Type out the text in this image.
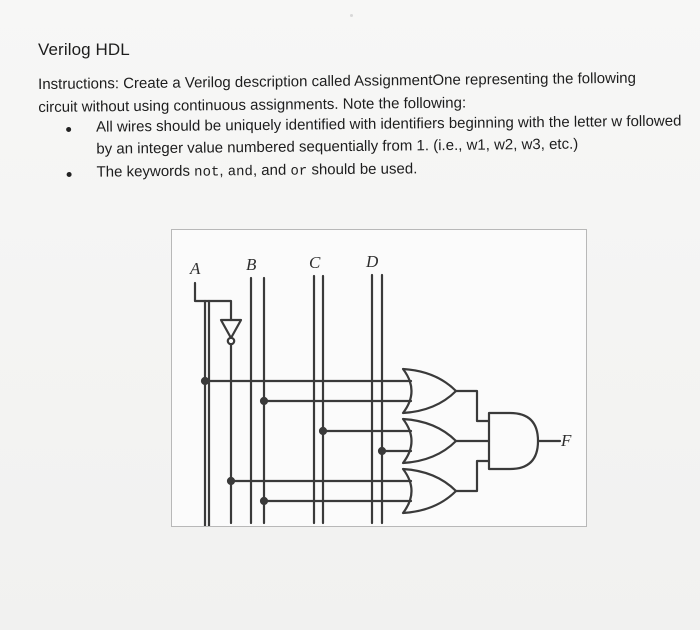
Verilog HDL
Instructions: Create a Verilog description called AssignmentOne representing the following circuit without using continuous assignments. Note the following:
All wires should be uniquely identified with identifiers beginning with the letter w followed by an integer value numbered sequentially from 1. (i.e., w1, w2, w3, etc.)
The keywords not, and, and or should be used.
A	B	C	D
F
